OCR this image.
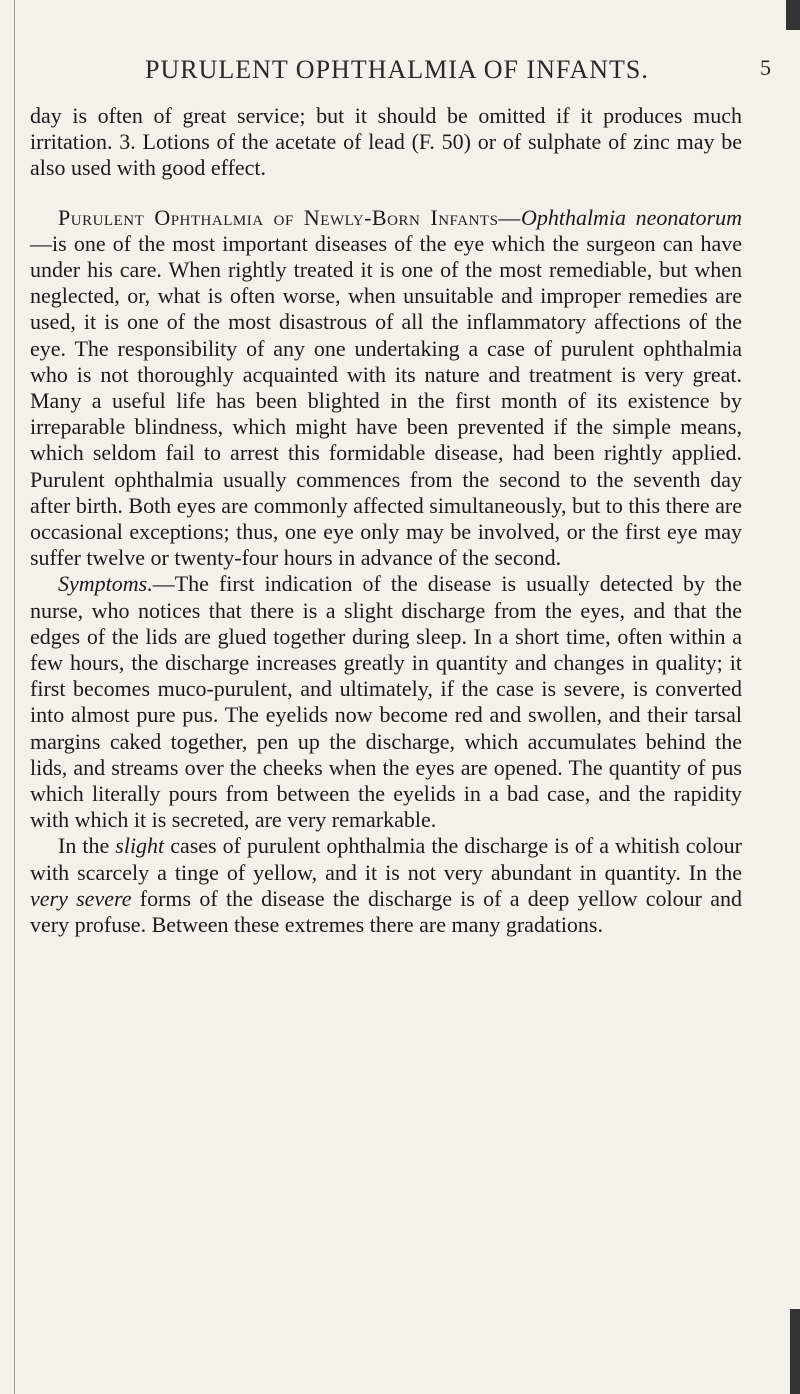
PURULENT OPHTHALMIA OF INFANTS.	5

day is often of great service; but it should be omitted if it produces much irritation. 3. Lotions of the acetate of lead (F. 50) or of sulphate of zinc may be also used with good effect.

Purulent Ophthalmia of Newly-Born Infants—Ophthalmia neonatorum—is one of the most important diseases of the eye which the surgeon can have under his care. When rightly treated it is one of the most remediable, but when neglected, or, what is often worse, when unsuitable and improper remedies are used, it is one of the most disastrous of all the inflammatory affections of the eye. The responsibility of any one undertaking a case of purulent ophthalmia who is not thoroughly acquainted with its nature and treatment is very great. Many a useful life has been blighted in the first month of its existence by irreparable blindness, which might have been prevented if the simple means, which seldom fail to arrest this formidable disease, had been rightly applied. Purulent ophthalmia usually commences from the second to the seventh day after birth. Both eyes are commonly affected simultaneously, but to this there are occasional exceptions; thus, one eye only may be involved, or the first eye may suffer twelve or twenty-four hours in advance of the second.

Symptoms.—The first indication of the disease is usually detected by the nurse, who notices that there is a slight discharge from the eyes, and that the edges of the lids are glued together during sleep. In a short time, often within a few hours, the discharge increases greatly in quantity and changes in quality; it first becomes muco-purulent, and ultimately, if the case is severe, is converted into almost pure pus. The eyelids now become red and swollen, and their tarsal margins caked together, pen up the discharge, which accumulates behind the lids, and streams over the cheeks when the eyes are opened. The quantity of pus which literally pours from between the eyelids in a bad case, and the rapidity with which it is secreted, are very remarkable.

In the slight cases of purulent ophthalmia the discharge is of a whitish colour with scarcely a tinge of yellow, and it is not very abundant in quantity. In the very severe forms of the disease the discharge is of a deep yellow colour and very profuse. Between these extremes there are many gradations.
